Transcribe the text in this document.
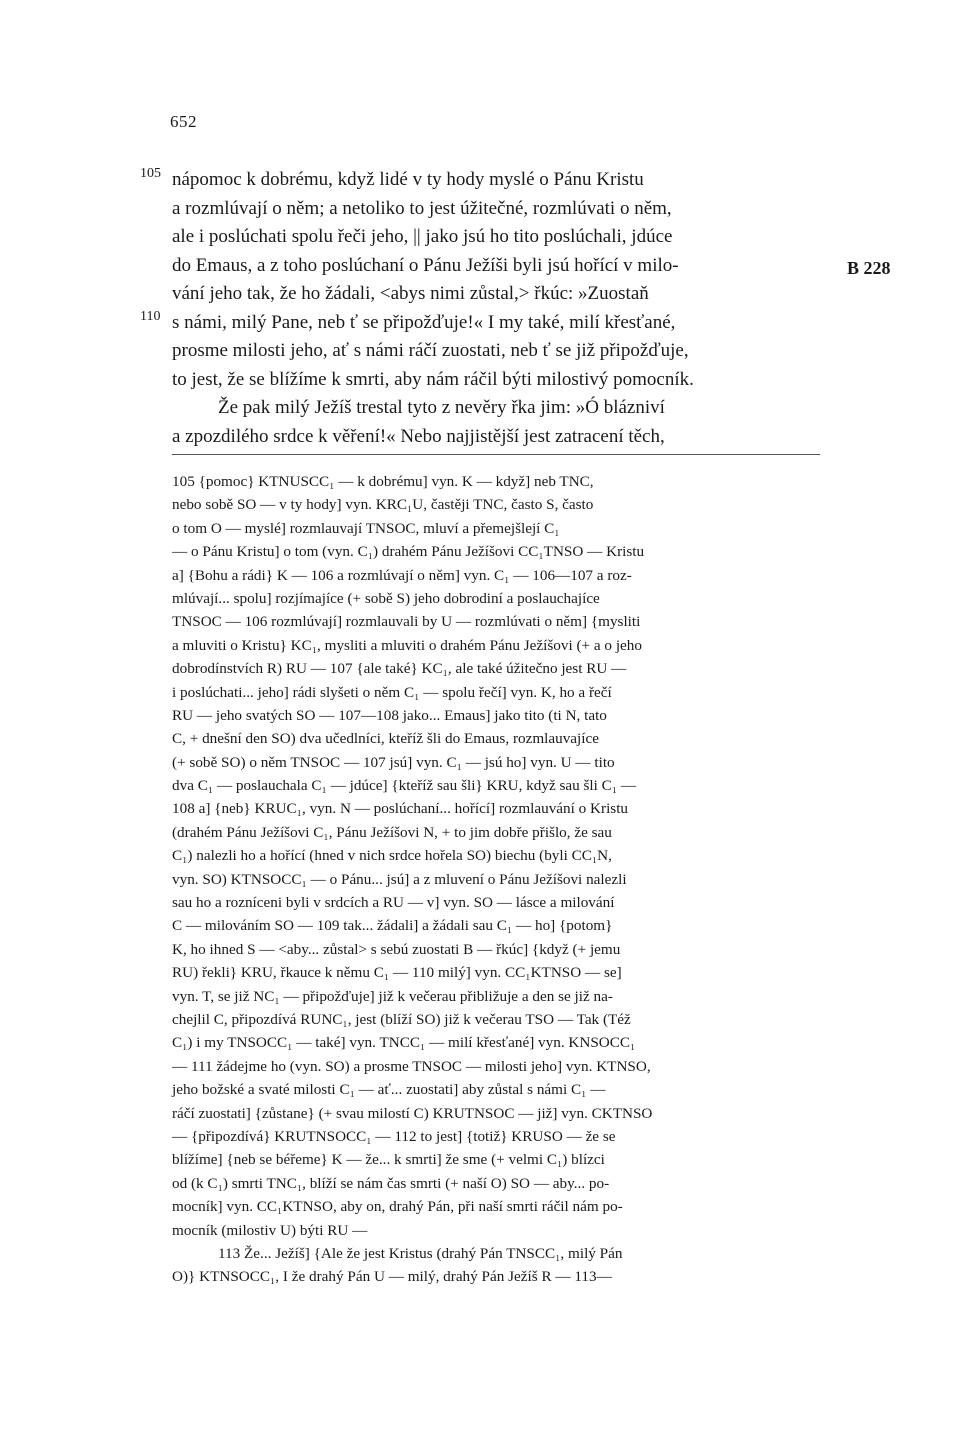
652
105
110
B 228
nápomoc k dobrému, když lidé v ty hody myslé o Pánu Kristu
a rozmlúvají o něm; a netoliko to jest úžitečné, rozmlúvati o něm,
ale i poslúchati spolu řeči jeho, || jako jsú ho tito poslúchali, jdúce
do Emaus, a z toho poslúchaní o Pánu Ježíši byli jsú hořící v milo-
vání jeho tak, že ho žádali, <abys nimi zůstal,> řkúc: »Zuostaň
s námi, milý Pane, neb ť se připožďuje!« I my také, milí křesťané,
prosme milosti jeho, ať s námi ráčí zuostati, neb ť se již připožďuje,
to jest, že se blížíme k smrti, aby nám ráčil býti milostivý pomocník.
Že pak milý Ježíš trestal tyto z nevěry řka jim: »Ó blázniví
a zpozdilého srdce k věření!« Nebo najjistější jest zatracení těch,
105 {pomoc} KTNUSCC₁ — k dobrému] vyn. K — když] neb TNC,
nebo sobě SO — v ty hody] vyn. KRC₁U, častěji TNC, často S, často
o tom O — myslé] rozmlauvají TNSOC, mluví a přemejšlejí C₁
— o Pánu Kristu] o tom (vyn. C₁) drahém Pánu Ježíšovi CC₁TNSO — Kristu
a] {Bohu a rádi} K — 106 a rozmlúvají o něm] vyn. C₁ — 106—107 a roz-
mlúvají... spolu] rozjímajíce (+ sobě S) jeho dobrodiní a poslauchajíce
TNSOC — 106 rozmlúvají] rozmlauvali by U — rozmlúvati o něm] {mysliti
a mluviti o Kristu} KC₁, mysliti a mluviti o drahém Pánu Ježíšovi (+ a o jeho
dobrodínstvích R) RU — 107 {ale také} KC₁, ale také úžitečno jest RU —
i poslúchati... jeho] rádi slyšeti o něm C₁ — spolu řečí] vyn. K, ho a řečí
RU — jeho svatých SO — 107—108 jako... Emaus] jako tito (ti N, tato
C, + dnešní den SO) dva učedlníci, kteříž šli do Emaus, rozmlauvajíce
(+ sobě SO) o něm TNSOC — 107 jsú] vyn. C₁ — jsú ho] vyn. U — tito
dva C₁ — poslauchala C₁ — jdúce] {kteříž sau šli} KRU, když sau šli C₁ —
108 a] {neb} KRUC₁, vyn. N — poslúchaní... hořící] rozmlauvání o Kristu
(drahém Pánu Ježíšovi C₁, Pánu Ježíšovi N, + to jim dobře přišlo, že sau
C₁) nalezli ho a hořící (hned v nich srdce hořela SO) biechu (byli CC₁N,
vyn. SO) KTNSOCC₁ — o Pánu... jsú] a z mluvení o Pánu Ježíšovi nalezli
sau ho a rozníceni byli v srdcích a RU — v] vyn. SO — lásce a milování
C — milováním SO — 109 tak... žádali] a žádali sau C₁ — ho] {potom}
K, ho ihned S — <aby... zůstal> s sebú zuostati B — řkúc] {když (+ jemu
RU) řekli} KRU, řkauce k němu C₁ — 110 milý] vyn. CC₁KTNSO — se]
vyn. T, se již NC₁ — připožďuje] již k večerau přibližuje a den se již na-
chejlil C, připozdívá RUNC₁, jest (blíží SO) již k večerau TSO — Tak (Též
C₁) i my TNSOCC₁ — také] vyn. TNCC₁ — milí křesťané] vyn. KNSOCC₁
— 111 žádejme ho (vyn. SO) a prosme TNSOC — milosti jeho] vyn. KTNSO,
jeho božské a svaté milosti C₁ — ať... zuostati] aby zůstal s námi C₁ —
ráčí zuostati] {zůstane} (+ svau milostí C) KRUTNSOC — již] vyn. CKTNSO
— {připozdívá} KRUTNSOCC₁ — 112 to jest] {totiž} KRUSO — že se
blížíme] {neb se béřeme} K — že... k smrti] že sme (+ velmi C₁) blízci
od (k C₁) smrti TNC₁, blíží se nám čas smrti (+ naší O) SO — aby... po-
mocník] vyn. CC₁KTNSO, aby on, drahý Pán, při naší smrti ráčil nám po-
mocník (milostiv U) býti RU —
113 Že... Ježíš] {Ale že jest Kristus (drahý Pán TNSCC₁, milý Pán
O)} KTNSOCC₁, I že drahý Pán U — milý, drahý Pán Ježíš R — 113—
